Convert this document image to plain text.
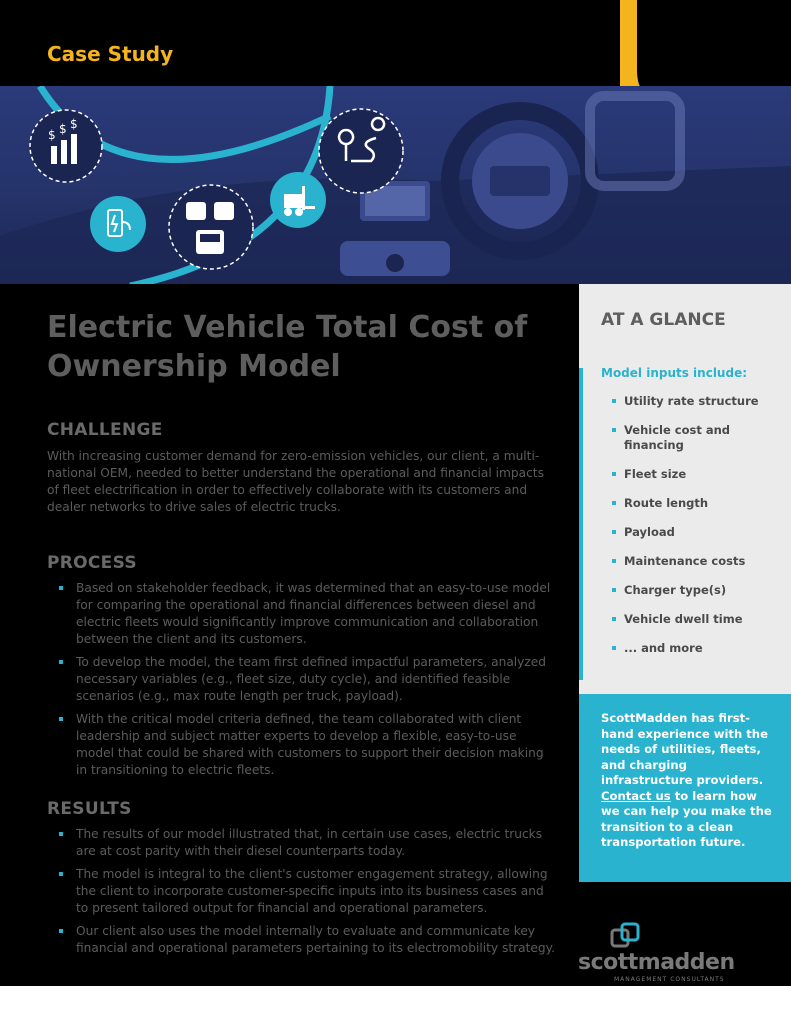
Case Study
$ $ $
Electric Vehicle Total Cost of Ownership Model
CHALLENGE
With increasing customer demand for zero-emission vehicles, our client, a multi-national OEM, needed to better understand the operational and financial impacts of fleet electrification in order to effectively collaborate with its customers and dealer networks to drive sales of electric trucks.
PROCESS
Based on stakeholder feedback, it was determined that an easy-to-use model for comparing the operational and financial differences between diesel and electric fleets would significantly improve communication and collaboration between the client and its customers.
To develop the model, the team first defined impactful parameters, analyzed necessary variables (e.g., fleet size, duty cycle), and identified feasible scenarios (e.g., max route length per truck, payload).
With the critical model criteria defined, the team collaborated with client leadership and subject matter experts to develop a flexible, easy-to-use model that could be shared with customers to support their decision making in transitioning to electric fleets.
RESULTS
The results of our model illustrated that, in certain use cases, electric trucks are at cost parity with their diesel counterparts today.
The model is integral to the client's customer engagement strategy, allowing the client to incorporate customer-specific inputs into its business cases and to present tailored output for financial and operational parameters.
Our client also uses the model internally to evaluate and communicate key financial and operational parameters pertaining to its electromobility strategy.
AT A GLANCE
Model inputs include:
Utility rate structure
Vehicle cost and financing
Fleet size
Route length
Payload
Maintenance costs
Charger type(s)
Vehicle dwell time
... and more
ScottMadden has first-hand experience with the needs of utilities, fleets, and charging infrastructure providers. Contact us to learn how we can help you make the transition to a clean transportation future.
scottmadden
MANAGEMENT CONSULTANTS
